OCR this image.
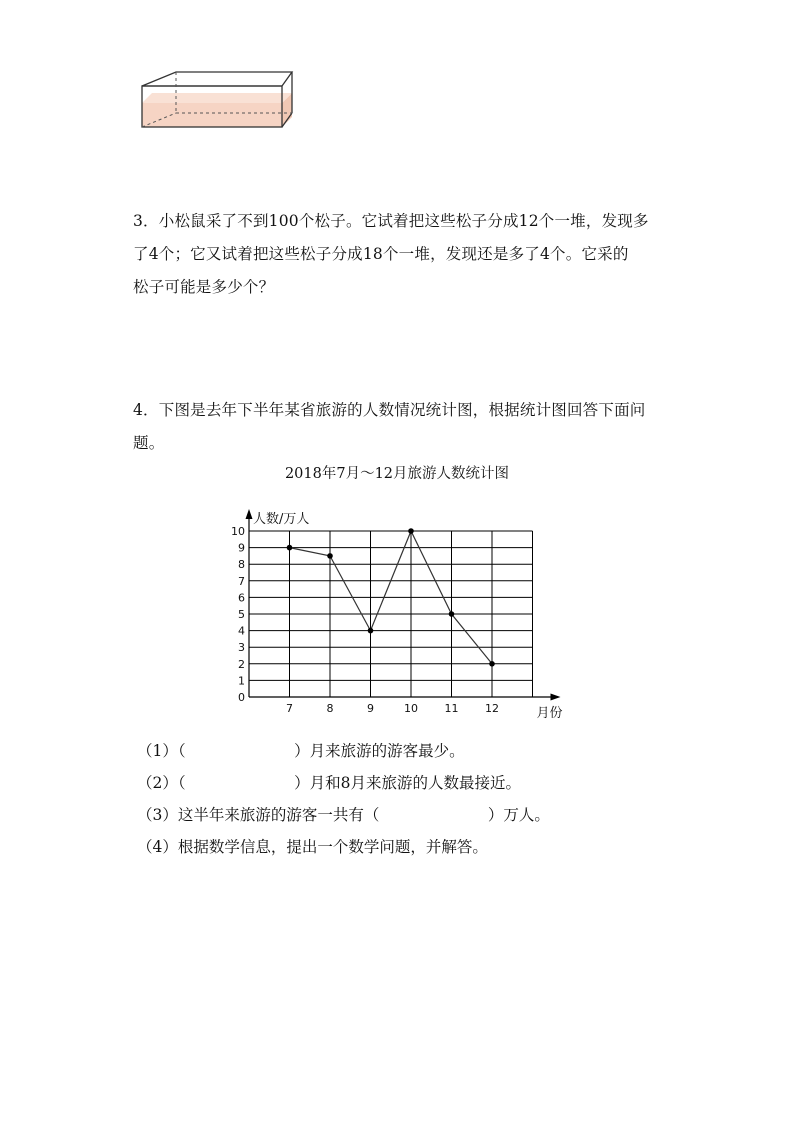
3．小松鼠采了不到100个松子。它试着把这些松子分成12个一堆，发现多
了4个；它又试着把这些松子分成18个一堆，发现还是多了4个。它采的
松子可能是多少个？
4．下图是去年下半年某省旅游的人数情况统计图，根据统计图回答下面问
题。
2018年7月～12月旅游人数统计图
0
1
2
3
4
5
6
7
8
9
10
7	8	9	10 11 12
人数/万人
月份
（1）（　　　　　　　）月来旅游的游客最少。
（2）（　　　　　　　）月和8月来旅游的人数最接近。
（3）这半年来旅游的游客一共有（　　　　　　　）万人。
（4）根据数学信息，提出一个数学问题，并解答。
